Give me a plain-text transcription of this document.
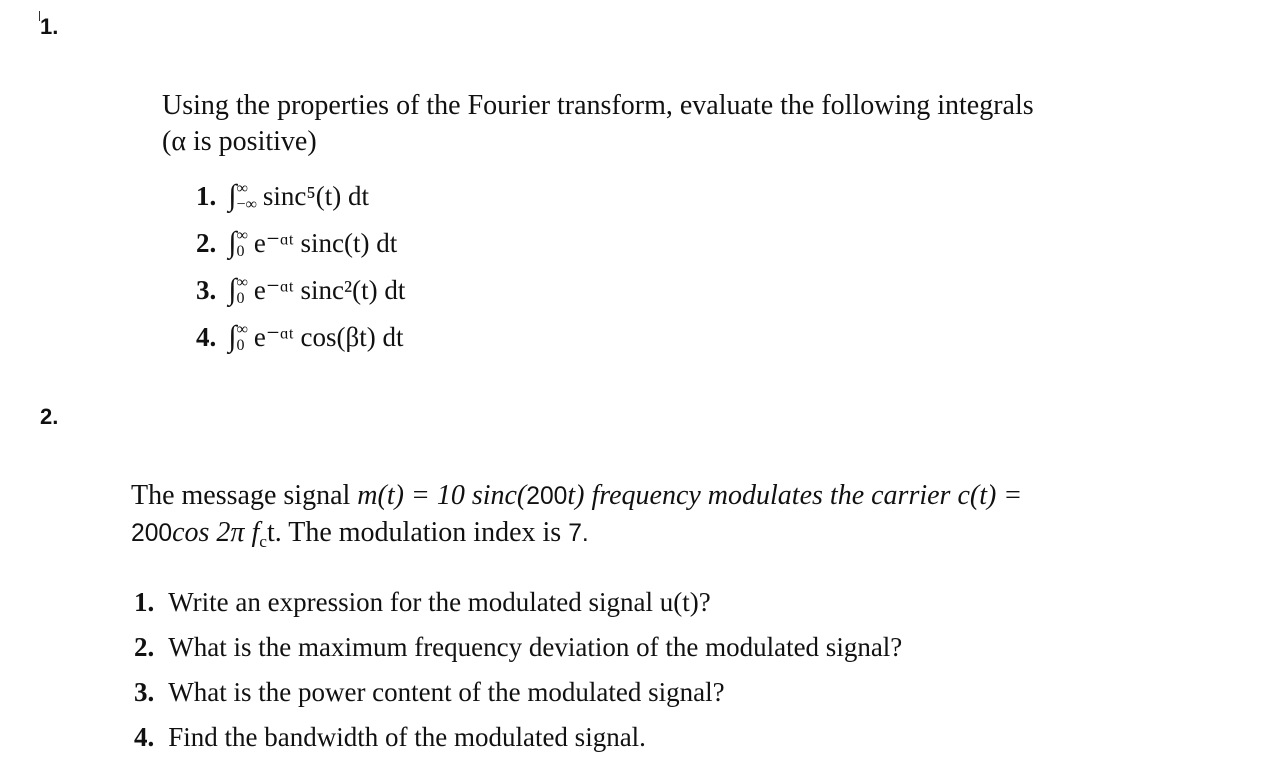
1.
Using the properties of the Fourier transform, evaluate the following integrals
(α is positive)
1. ∫ ∞
−∞ sinc⁵(t) dt
2. ∫ ∞
0 e⁻ᵅᵗ sinc(t) dt
3. ∫ ∞
0 e⁻ᵅᵗ sinc²(t) dt
4. ∫ ∞
0 e⁻ᵅᵗ cos(βt) dt
2.
The message signal m(t) = 10 sinc(200t) frequency modulates the carrier c(t) =
200cos 2π $f_ct$. The modulation index is 7.
1. Write an expression for the modulated signal u(t)?
2. What is the maximum frequency deviation of the modulated signal?
3. What is the power content of the modulated signal?
4. Find the bandwidth of the modulated signal.
